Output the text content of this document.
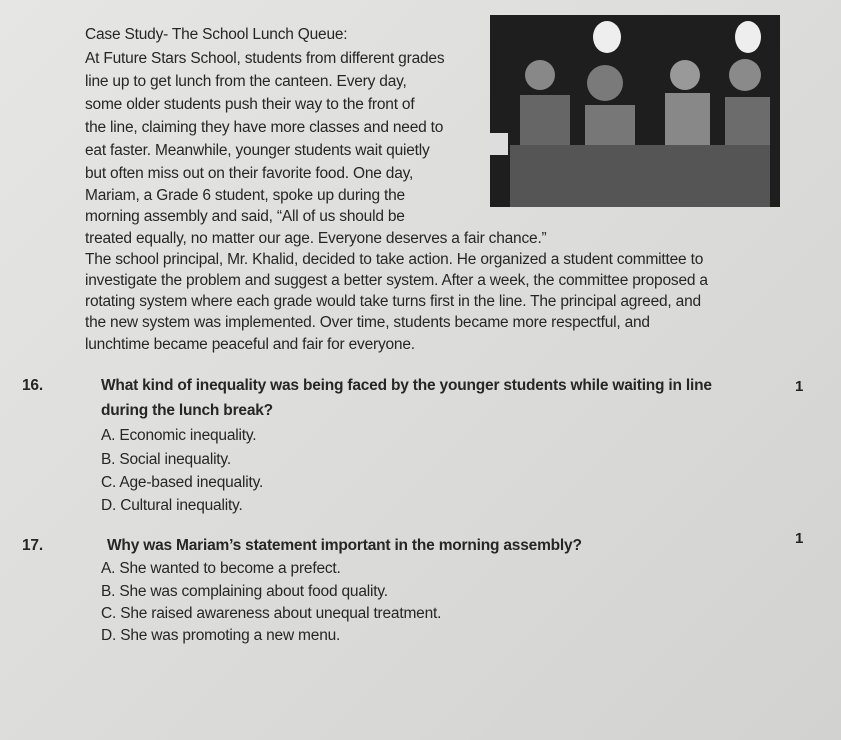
Case Study- The School Lunch Queue:
At Future Stars School, students from different grades
line up to get lunch from the canteen. Every day,
some older students push their way to the front of
the line, claiming they have more classes and need to
eat faster. Meanwhile, younger students wait quietly
but often miss out on their favorite food. One day,
Mariam, a Grade 6 student, spoke up during the
morning assembly and said, “All of us should be
treated equally, no matter our age. Everyone deserves a fair chance.”
The school principal, Mr. Khalid, decided to take action. He organized a student committee to
investigate the problem and suggest a better system. After a week, the committee proposed a
rotating system where each grade would take turns first in the line. The principal agreed, and
the new system was implemented. Over time, students became more respectful, and
lunchtime became peaceful and fair for everyone.
16.	What kind of inequality was being faced by the younger students while waiting in line
during the lunch break?
1
A. Economic inequality.
B. Social inequality.
C. Age-based inequality.
D. Cultural inequality.
17.	Why was Mariam’s statement important in the morning assembly?	1
A. She wanted to become a prefect.
B. She was complaining about food quality.
C. She raised awareness about unequal treatment.
D. She was promoting a new menu.
